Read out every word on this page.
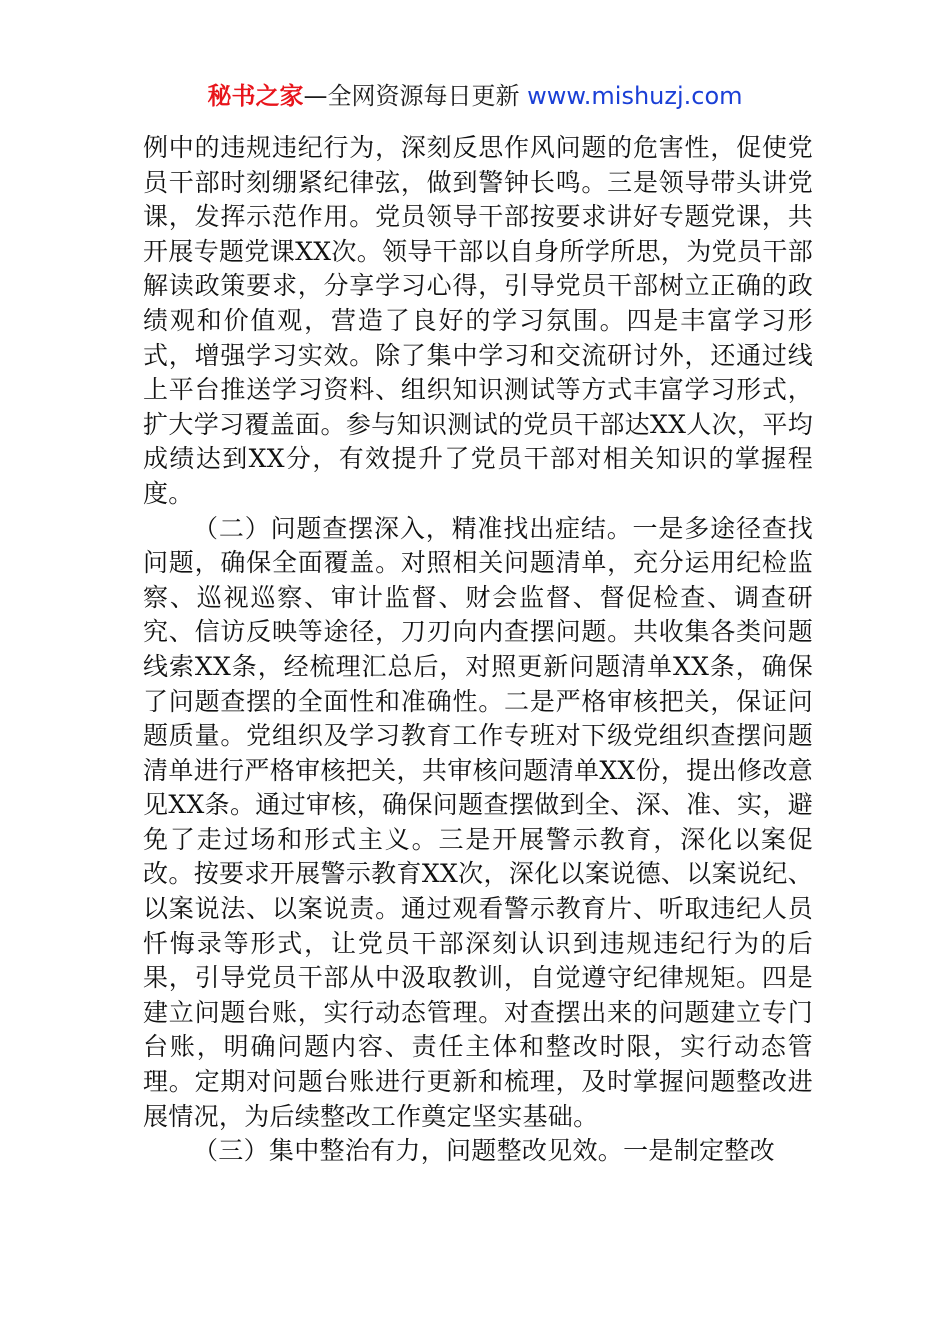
秘书之家—全网资源每日更新 www.mishuzj.com

例中的违规违纪行为，深刻反思作风问题的危害性，促使党员干部时刻绷紧纪律弦，做到警钟长鸣。三是领导带头讲党课，发挥示范作用。党员领导干部按要求讲好专题党课，共开展专题党课XX次。领导干部以自身所学所思，为党员干部解读政策要求，分享学习心得，引导党员干部树立正确的政绩观和价值观，营造了良好的学习氛围。四是丰富学习形式，增强学习实效。除了集中学习和交流研讨外，还通过线上平台推送学习资料、组织知识测试等方式丰富学习形式，扩大学习覆盖面。参与知识测试的党员干部达XX人次，平均成绩达到XX分，有效提升了党员干部对相关知识的掌握程度。

（二）问题查摆深入，精准找出症结。一是多途径查找问题，确保全面覆盖。对照相关问题清单，充分运用纪检监察、巡视巡察、审计监督、财会监督、督促检查、调查研究、信访反映等途径，刀刃向内查摆问题。共收集各类问题线索XX条，经梳理汇总后，对照更新问题清单XX条，确保了问题查摆的全面性和准确性。二是严格审核把关，保证问题质量。党组织及学习教育工作专班对下级党组织查摆问题清单进行严格审核把关，共审核问题清单XX份，提出修改意见XX条。通过审核，确保问题查摆做到全、深、准、实，避免了走过场和形式主义。三是开展警示教育，深化以案促改。按要求开展警示教育XX次，深化以案说德、以案说纪、以案说法、以案说责。通过观看警示教育片、听取违纪人员忏悔录等形式，让党员干部深刻认识到违规违纪行为的后果，引导党员干部从中汲取教训，自觉遵守纪律规矩。四是建立问题台账，实行动态管理。对查摆出来的问题建立专门台账，明确问题内容、责任主体和整改时限，实行动态管理。定期对问题台账进行更新和梳理，及时掌握问题整改进展情况，为后续整改工作奠定坚实基础。

（三）集中整治有力，问题整改见效。一是制定整改
